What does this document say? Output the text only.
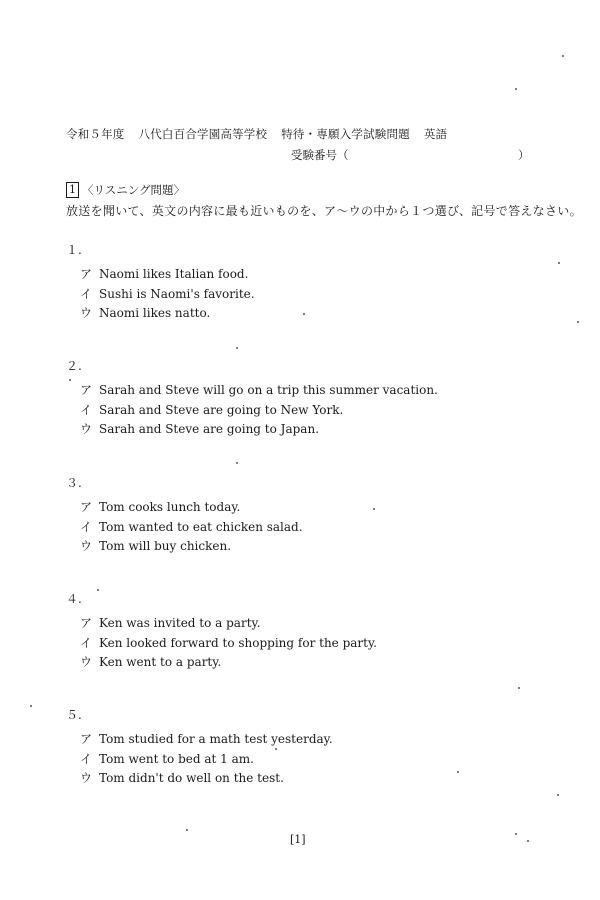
令和５年度 八代白百合学園高等学校 特待・専願入学試験問題 英語
受験番号（	）
1 〈リスニング問題〉
放送を聞いて、英文の内容に最も近いものを、ア～ウの中から１つ選び、記号で答えなさい。
１.
ア Naomi likes Italian food.
イ Sushi is Naomi's favorite.
ウ Naomi likes natto.
２.
ア Sarah and Steve will go on a trip this summer vacation.
イ Sarah and Steve are going to New York.
ウ Sarah and Steve are going to Japan.
３.
ア Tom cooks lunch today.
イ Tom wanted to eat chicken salad.
ウ Tom will buy chicken.
４.
ア Ken was invited to a party.
イ Ken looked forward to shopping for the party.
ウ Ken went to a party.
５.
ア Tom studied for a math test yesterday.
イ Tom went to bed at 1 am.
ウ Tom didn't do well on the test.
[1]
